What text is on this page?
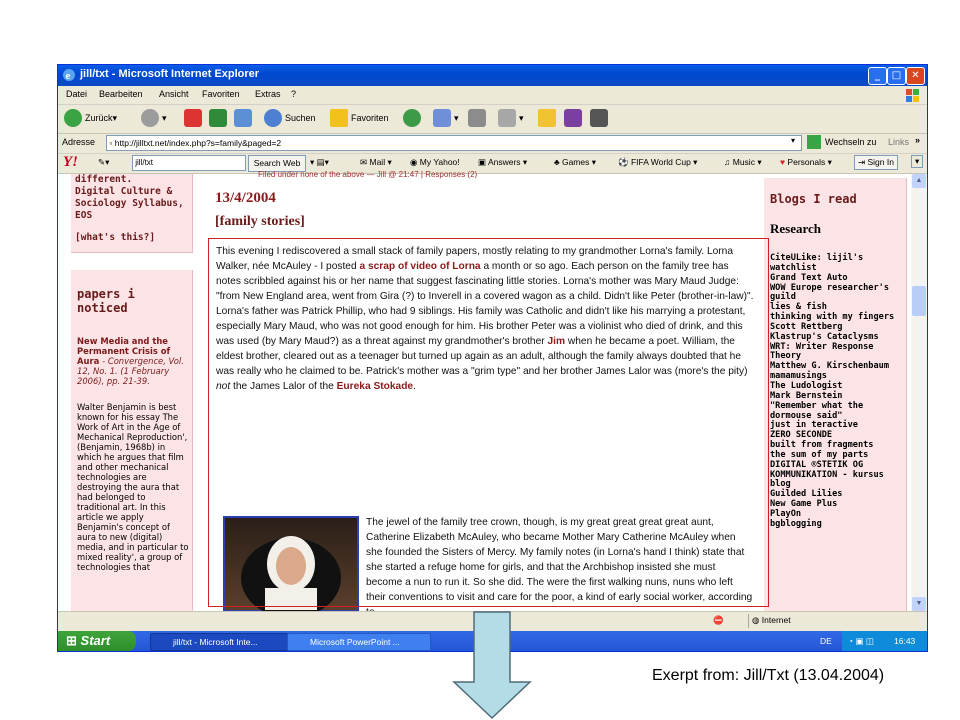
e jill/txt - Microsoft Internet Explorer	_	□	✕
Datei Bearbeiten Ansicht Favoriten Extras ?
Zurück ▾	▾	Suchen	Favoriten	▾	▾
Adresse	▫ http://jilltxt.net/index.php?s=family&paged=2	▾	Wechseln zu Links »
Y! ✎▾	jill/txt	Search Web	▾ ▤▾	✉ Mail ▾ ◉ My Yahoo! ▣ Answers ▾	♣ Games ▾	⚽ FIFA World Cup ▾	♫ Music ▾ ♥ Personals ▾	⇥ Sign In	▾
different.
Digital Culture &
Sociology Syllabus,
EOS
[what's this?]
papers i noticed
New Media and the Permanent Crisis of Aura - Convergence, Vol. 12, No. 1. (1 February 2006), pp. 21-39.
Walter Benjamin is best known for his essay The Work of Art in the Age of Mechanical Reproduction', (Benjamin, 1968b) in which he argues that film and other mechanical technologies are destroying the aura that had belonged to traditional art. In this article we apply Benjamin's concept of aura to new (digital) media, and in particular to mixed reality', a group of technologies that
Filed under none of the above — Jill @ 21:47 | Responses (2)
13/4/2004
[family stories]
This evening I rediscovered a small stack of family papers, mostly relating to my grandmother Lorna's family. Lorna Walker, née McAuley - I posted a scrap of video of Lorna a month or so ago. Each person on the family tree has notes scribbled against his or her name that suggest fascinating little stories. Lorna's mother was Mary Maud Judge: "from New England area, went from Gira (?) to Inverell in a covered wagon as a child. Didn't like Peter (brother-in-law)". Lorna's father was Patrick Phillip, who had 9 siblings. His family was Catholic and didn't like his marrying a protestant, especially Mary Maud, who was not good enough for him. His brother Peter was a violinist who died of drink, and this was used (by Mary Maud?) as a threat against my grandmother's brother Jim when he became a poet. William, the eldest brother, cleared out as a teenager but turned up again as an adult, although the family always doubted that he was really who he claimed to be. Patrick's mother was a "grim type" and her brother James Lalor was (more's the pity) not the James Lalor of the Eureka Stokade.
The jewel of the family tree crown, though, is my great great great great aunt, Catherine Elizabeth McAuley, who became Mother Mary Catherine McAuley when she founded the Sisters of Mercy. My family notes (in Lorna's hand I think) state that she started a refuge home for girls, and that the Archbishop insisted she must become a nun to run it. So she did. The were the first walking nuns, nuns who left their conventions to visit and care for the poor, a kind of early social worker, according
Blogs I read
Research
CiteULike: lijil's watchlist
Grand Text Auto
WOW Europe researcher's guild
lies & fish
thinking with my fingers
Scott Rettberg
Klastrup's Cataclysms
WRT: Writer Response Theory
Matthew G. Kirschenbaum
mamamusings
The Ludologist
Mark Bernstein
"Remember what the dormouse said"
just in teractive
ZERO SECONDE
built from fragments
the sum of my parts
DIGITAL ®STETIK OG KOMMUNIKATION - kursus blog
Guilded Lilies
New Game Plus
PlayOn
bgblogging
▲
▼
⛔	◍ Internet
⊞ Start	jill/txt - Microsoft Inte...	Microsoft PowerPoint ...	DE ◔ ▣ ◫ 16:43
Exerpt from: Jill/Txt (13.04.2004)
